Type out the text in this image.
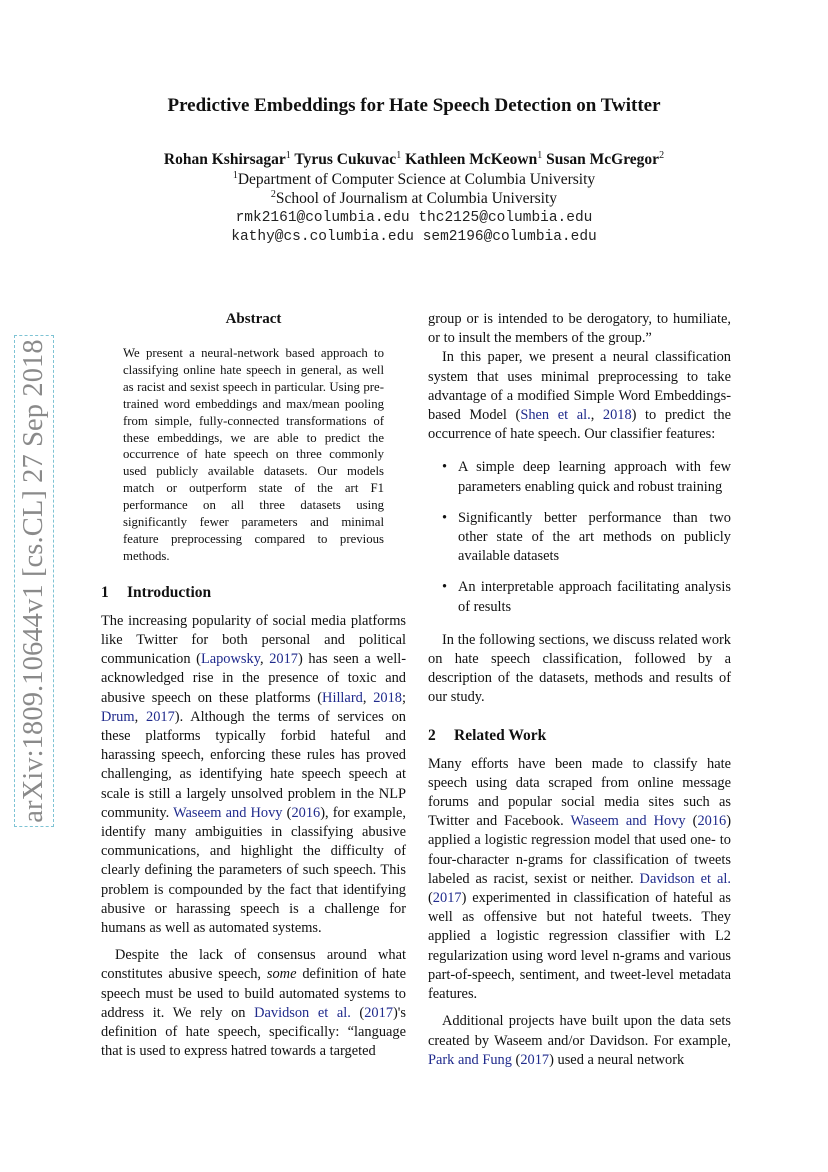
arXiv:1809.10644v1 [cs.CL] 27 Sep 2018
Predictive Embeddings for Hate Speech Detection on Twitter
Rohan Kshirsagar$^1$ Tyrus Cukuvac$^1$ Kathleen McKeown$^1$ Susan McGregor$^2$
$^1$Department of Computer Science at Columbia University
$^2$School of Journalism at Columbia University
rmk2161@columbia.edu thc2125@columbia.edu
kathy@cs.columbia.edu sem2196@columbia.edu
Abstract

We present a neural-network based approach to classifying online hate speech in general, as well as racist and sexist speech in particular. Using pre-trained word embeddings and max/mean pooling from simple, fully-connected transformations of these embeddings, we are able to predict the occurrence of hate speech on three commonly used publicly available datasets. Our models match or outperform state of the art F1 performance on all three datasets using significantly fewer parameters and minimal feature preprocessing compared to previous methods.

1 Introduction

The increasing popularity of social media platforms like Twitter for both personal and political communication (Lapowsky, 2017) has seen a well-acknowledged rise in the presence of toxic and abusive speech on these platforms (Hillard, 2018; Drum, 2017). Although the terms of services on these platforms typically forbid hateful and harassing speech, enforcing these rules has proved challenging, as identifying hate speech speech at scale is still a largely unsolved problem in the NLP community. Waseem and Hovy (2016), for example, identify many ambiguities in classifying abusive communications, and highlight the difficulty of clearly defining the parameters of such speech. This problem is compounded by the fact that identifying abusive or harassing speech is a challenge for humans as well as automated systems.

Despite the lack of consensus around what constitutes abusive speech, some definition of hate speech must be used to build automated systems to address it. We rely on Davidson et al. (2017)'s definition of hate speech, specifically: “language that is used to express hatred towards a targeted

group or is intended to be derogatory, to humiliate, or to insult the members of the group.”

In this paper, we present a neural classification system that uses minimal preprocessing to take advantage of a modified Simple Word Embeddings-based Model (Shen et al., 2018) to predict the occurrence of hate speech. Our classifier features:

• A simple deep learning approach with few parameters enabling quick and robust training
• Significantly better performance than two other state of the art methods on publicly available datasets
• An interpretable approach facilitating analysis of results

In the following sections, we discuss related work on hate speech classification, followed by a description of the datasets, methods and results of our study.

2 Related Work

Many efforts have been made to classify hate speech using data scraped from online message forums and popular social media sites such as Twitter and Facebook. Waseem and Hovy (2016) applied a logistic regression model that used one- to four-character n-grams for classification of tweets labeled as racist, sexist or neither. Davidson et al. (2017) experimented in classification of hateful as well as offensive but not hateful tweets. They applied a logistic regression classifier with L2 regularization using word level n-grams and various part-of-speech, sentiment, and tweet-level metadata features.

Additional projects have built upon the data sets created by Waseem and/or Davidson. For example, Park and Fung (2017) used a neural network
